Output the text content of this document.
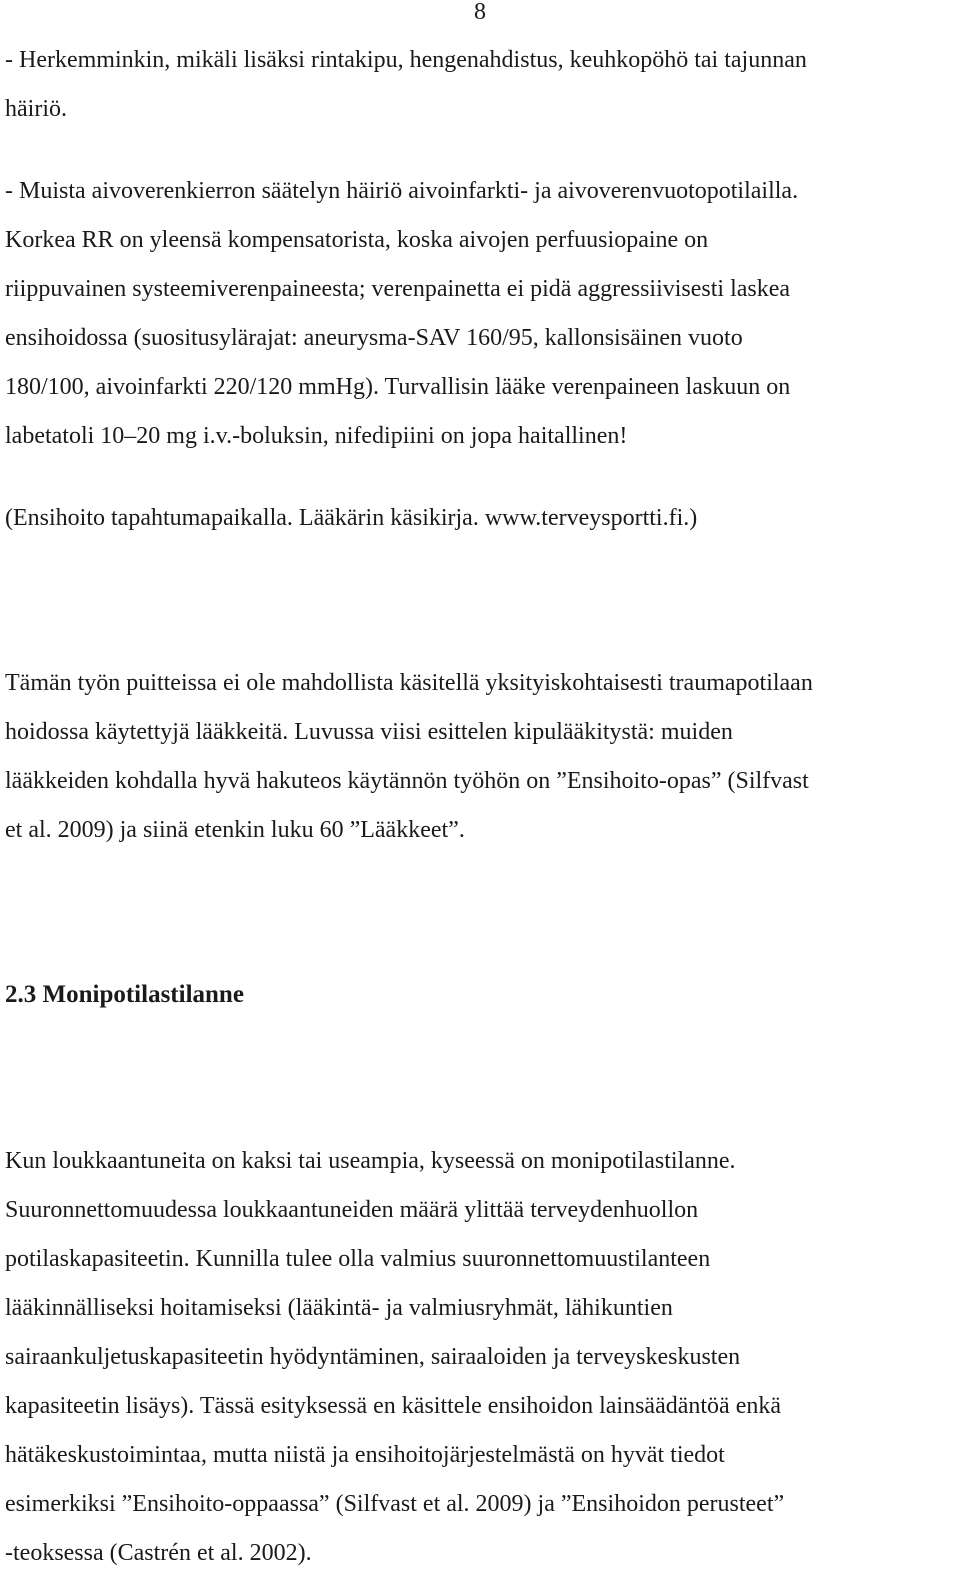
8
- Herkemminkin, mikäli lisäksi rintakipu, hengenahdistus, keuhkopöhö tai tajunnan
häiriö.
- Muista aivoverenkierron säätelyn häiriö aivoinfarkti- ja aivoverenvuotopotilailla.
Korkea RR on yleensä kompensatorista, koska aivojen perfuusiopaine on
riippuvainen systeemiverenpaineesta; verenpainetta ei pidä aggressiivisesti laskea
ensihoidossa (suositusylärajat: aneurysma-SAV 160/95, kallonsisäinen vuoto
180/100, aivoinfarkti 220/120 mmHg). Turvallisin lääke verenpaineen laskuun on
labetatoli 10–20 mg i.v.-boluksin, nifedipiini on jopa haitallinen!
(Ensihoito tapahtumapaikalla. Lääkärin käsikirja. www.terveysportti.fi.)
Tämän työn puitteissa ei ole mahdollista käsitellä yksityiskohtaisesti traumapotilaan
hoidossa käytettyjä lääkkeitä. Luvussa viisi esittelen kipulääkitystä: muiden
lääkkeiden kohdalla hyvä hakuteos käytännön työhön on ”Ensihoito-opas” (Silfvast
et al. 2009) ja siinä etenkin luku 60 ”Lääkkeet”.
2.3 Monipotilastilanne
Kun loukkaantuneita on kaksi tai useampia, kyseessä on monipotilastilanne.
Suuronnettomuudessa loukkaantuneiden määrä ylittää terveydenhuollon
potilaskapasiteetin. Kunnilla tulee olla valmius suuronnettomuustilanteen
lääkinnälliseksi hoitamiseksi (lääkintä- ja valmiusryhmät, lähikuntien
sairaankuljetuskapasiteetin hyödyntäminen, sairaaloiden ja terveyskeskusten
kapasiteetin lisäys). Tässä esityksessä en käsittele ensihoidon lainsäädäntöä enkä
hätäkeskustoimintaa, mutta niistä ja ensihoitojärjestelmästä on hyvät tiedot
esimerkiksi ”Ensihoito-oppaassa” (Silfvast et al. 2009) ja ”Ensihoidon perusteet”
-teoksessa (Castrén et al. 2002).
